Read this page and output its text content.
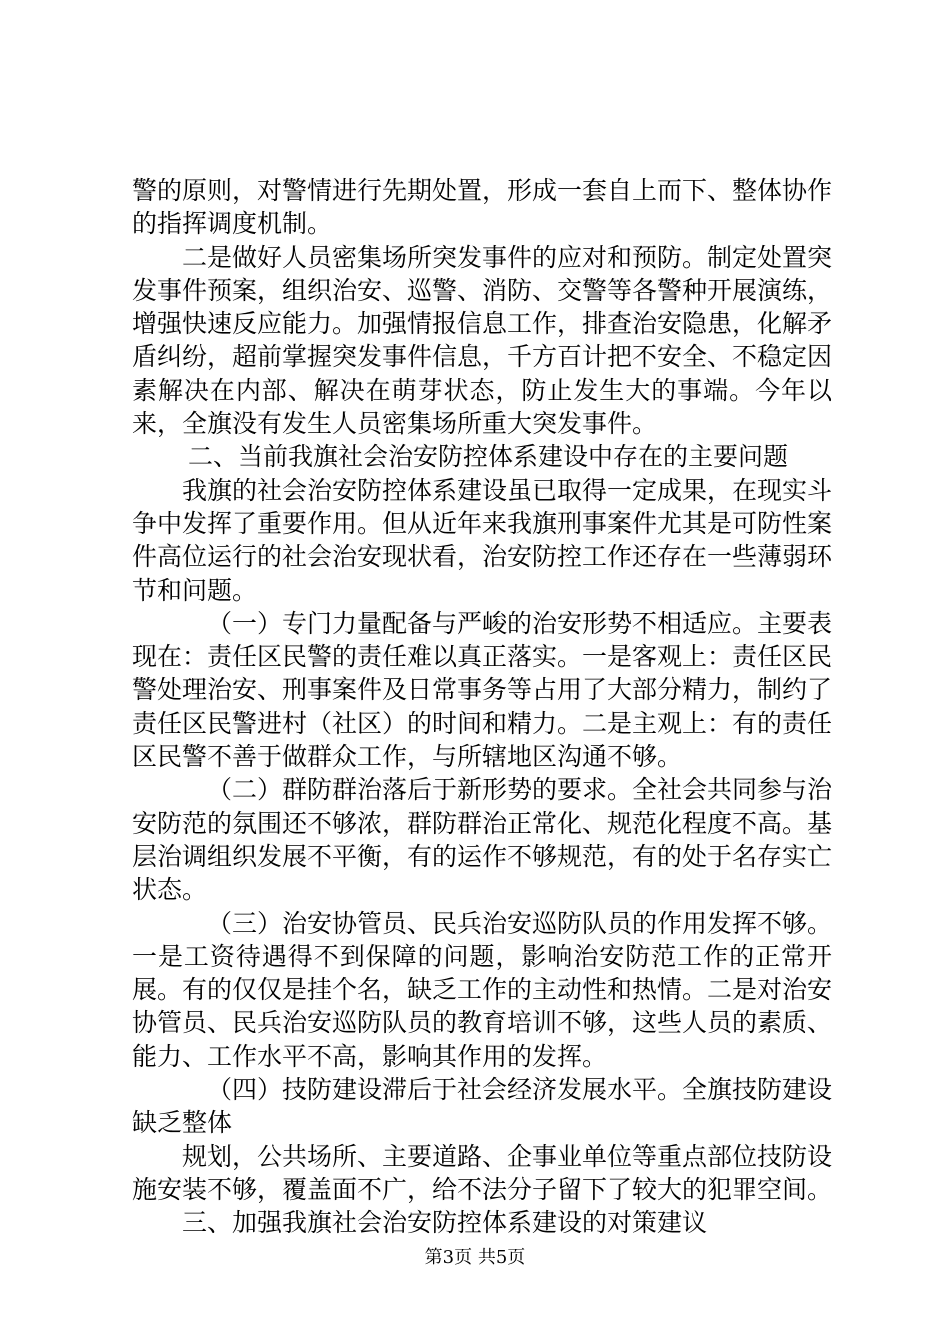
警的原则，对警情进行先期处置，形成一套自上而下、整体协作的指挥调度机制。

二是做好人员密集场所突发事件的应对和预防。制定处置突发事件预案，组织治安、巡警、消防、交警等各警种开展演练，增强快速反应能力。加强情报信息工作，排查治安隐患，化解矛盾纠纷，超前掌握突发事件信息，千方百计把不安全、不稳定因素解决在内部、解决在萌芽状态，防止发生大的事端。今年以来，全旗没有发生人员密集场所重大突发事件。

二、当前我旗社会治安防控体系建设中存在的主要问题

我旗的社会治安防控体系建设虽已取得一定成果，在现实斗争中发挥了重要作用。但从近年来我旗刑事案件尤其是可防性案件高位运行的社会治安现状看，治安防控工作还存在一些薄弱环节和问题。

（一）专门力量配备与严峻的治安形势不相适应。主要表现在：责任区民警的责任难以真正落实。一是客观上：责任区民警处理治安、刑事案件及日常事务等占用了大部分精力，制约了责任区民警进村（社区）的时间和精力。二是主观上：有的责任区民警不善于做群众工作，与所辖地区沟通不够。

（二）群防群治落后于新形势的要求。全社会共同参与治安防范的氛围还不够浓，群防群治正常化、规范化程度不高。基层治调组织发展不平衡，有的运作不够规范，有的处于名存实亡状态。

（三）治安协管员、民兵治安巡防队员的作用发挥不够。一是工资待遇得不到保障的问题，影响治安防范工作的正常开展。有的仅仅是挂个名，缺乏工作的主动性和热情。二是对治安协管员、民兵治安巡防队员的教育培训不够，这些人员的素质、能力、工作水平不高，影响其作用的发挥。

（四）技防建设滞后于社会经济发展水平。全旗技防建设缺乏整体

规划，公共场所、主要道路、企事业单位等重点部位技防设施安装不够，覆盖面不广，给不法分子留下了较大的犯罪空间。

三、加强我旗社会治安防控体系建设的对策建议

第3页 共5页
